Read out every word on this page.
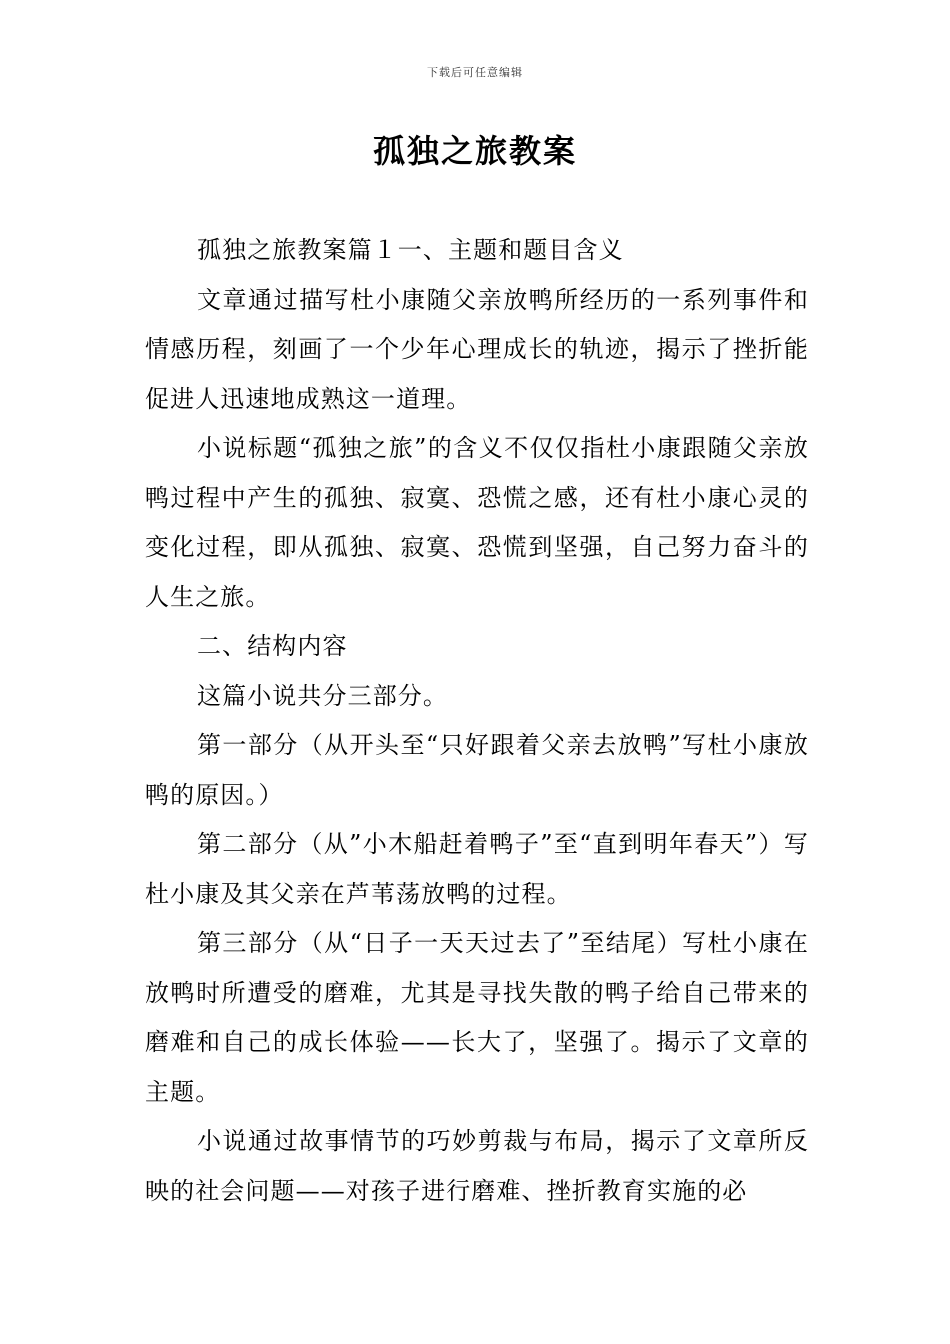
下载后可任意编辑
孤独之旅教案

孤独之旅教案篇１一、主题和题目含义

文章通过描写杜小康随父亲放鸭所经历的一系列事件和情感历程，刻画了一个少年心理成长的轨迹，揭示了挫折能促进人迅速地成熟这一道理。

小说标题“孤独之旅”的含义不仅仅指杜小康跟随父亲放鸭过程中产生的孤独、寂寞、恐慌之感，还有杜小康心灵的变化过程，即从孤独、寂寞、恐慌到坚强，自己努力奋斗的人生之旅。

二、结构内容

这篇小说共分三部分。

第一部分（从开头至“只好跟着父亲去放鸭”写杜小康放鸭的原因。）

第二部分（从”小木船赶着鸭子”至“直到明年春天”）写杜小康及其父亲在芦苇荡放鸭的过程。

第三部分（从“日子一天天过去了”至结尾）写杜小康在放鸭时所遭受的磨难，尤其是寻找失散的鸭子给自己带来的磨难和自己的成长体验——长大了，坚强了。揭示了文章的主题。

小说通过故事情节的巧妙剪裁与布局，揭示了文章所反映的社会问题——对孩子进行磨难、挫折教育实施的必
